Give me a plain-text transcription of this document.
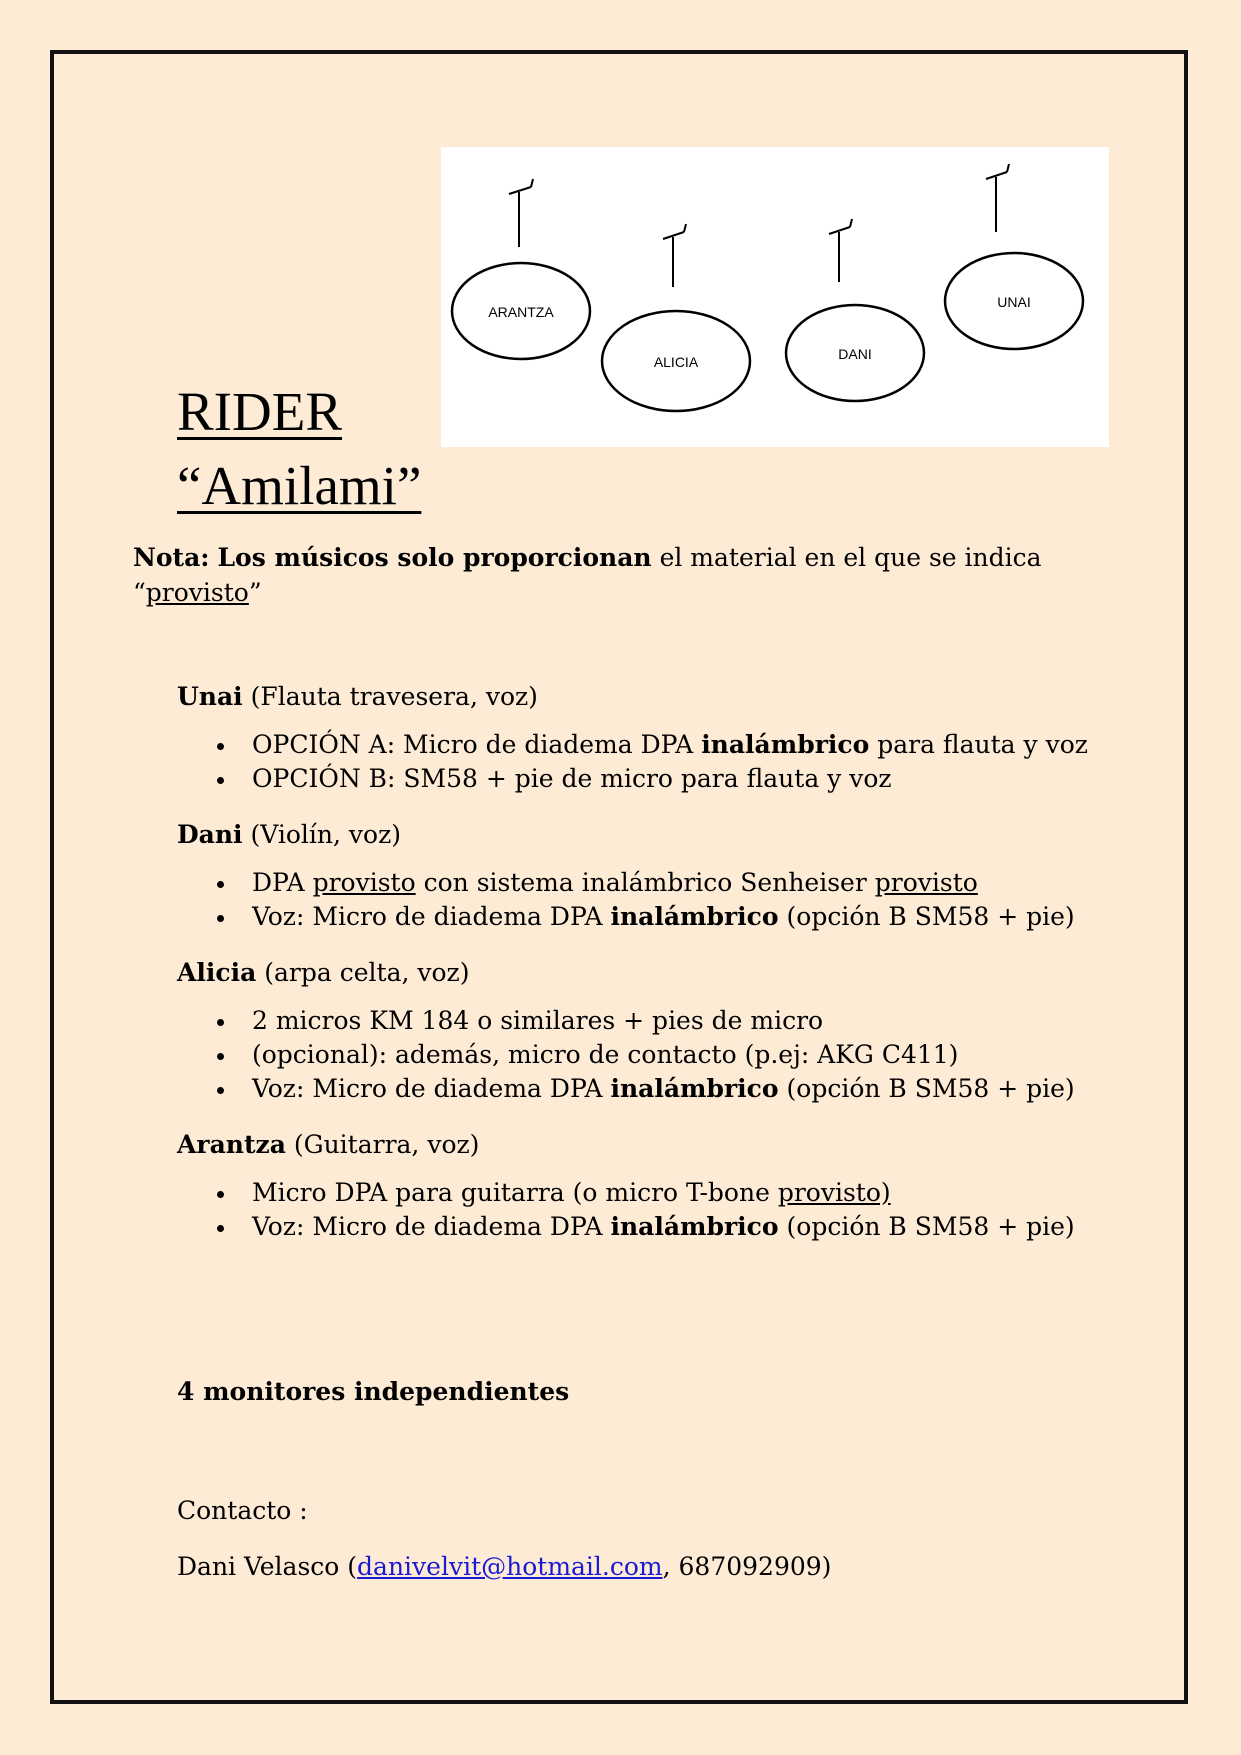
ARANTZA
ALICIA	DANI
UNAI
RIDER
“Amilami”
Nota: Los músicos solo proporcionan el material en el que se indica
“provisto”

Unai (Flauta travesera, voz)

OPCIÓN A: Micro de diadema DPA inalámbrico para flauta y voz
OPCIÓN B: SM58 + pie de micro para flauta y voz

Dani (Violín, voz)

DPA provisto con sistema inalámbrico Senheiser provisto
Voz: Micro de diadema DPA inalámbrico (opción B SM58 + pie)

Alicia (arpa celta, voz)

2 micros KM 184 o similares + pies de micro
(opcional): además, micro de contacto (p.ej: AKG C411)
Voz: Micro de diadema DPA inalámbrico (opción B SM58 + pie)

Arantza (Guitarra, voz)

Micro DPA para guitarra (o micro T-bone provisto)
Voz: Micro de diadema DPA inalámbrico (opción B SM58 + pie)
4 monitores independientes
Contacto :
Dani Velasco (danivelvit@hotmail.com, 687092909)
